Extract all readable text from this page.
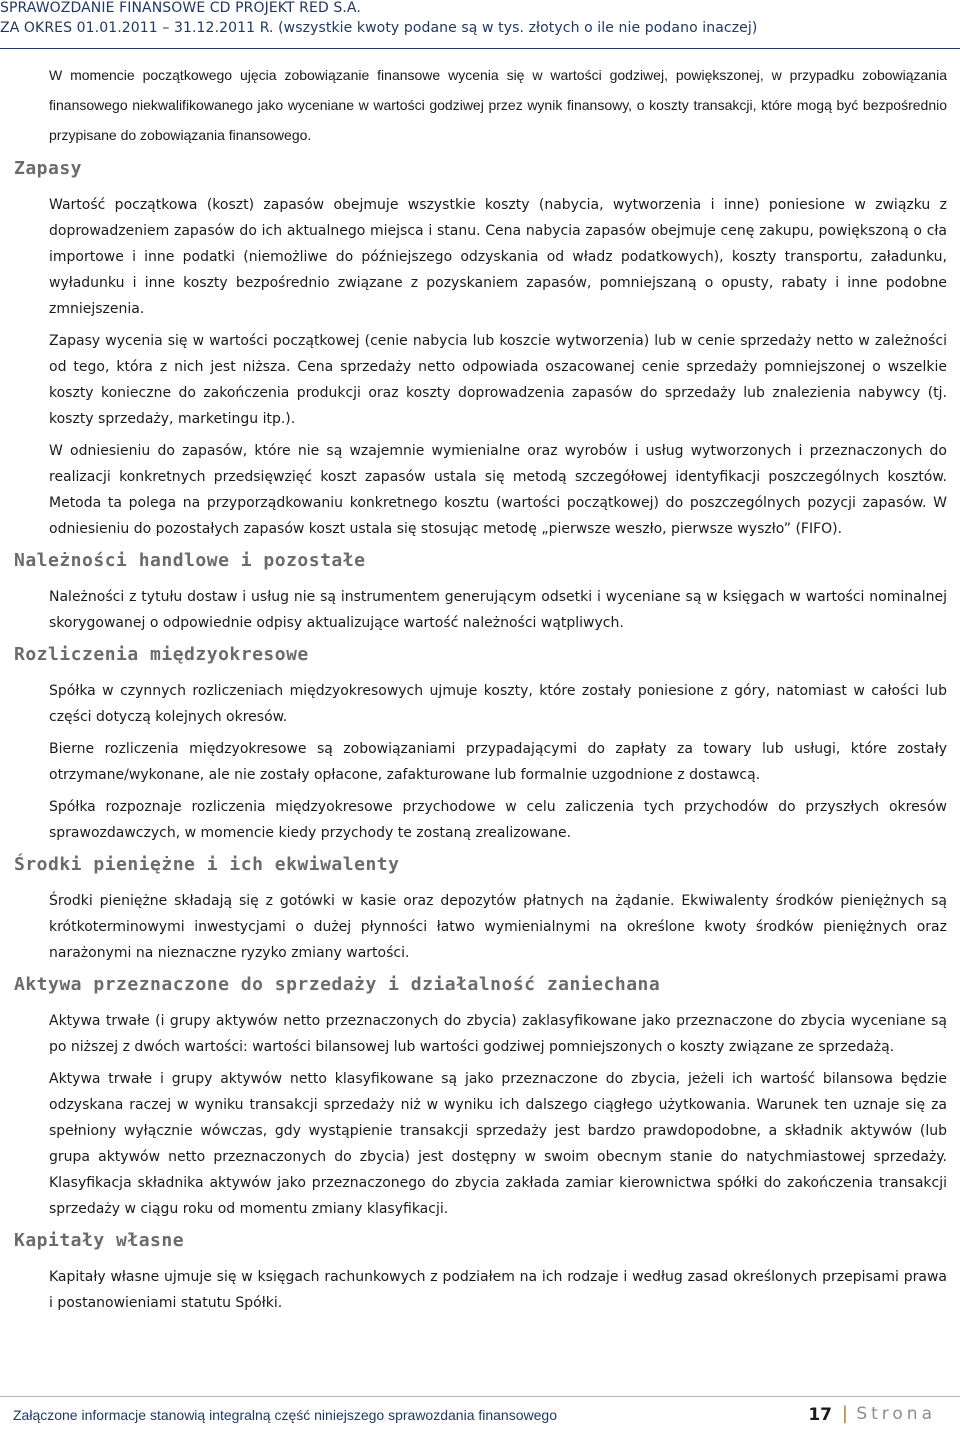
SPRAWOZDANIE FINANSOWE CD PROJEKT RED S.A.
ZA OKRES 01.01.2011 – 31.12.2011 R. (wszystkie kwoty podane są w tys. złotych o ile nie podano inaczej)

W momencie początkowego ujęcia zobowiązanie finansowe wycenia się w wartości godziwej, powiększonej, w przypadku zobowiązania finansowego niekwalifikowanego jako wyceniane w wartości godziwej przez wynik finansowy, o koszty transakcji, które mogą być bezpośrednio przypisane do zobowiązania finansowego.

Zapasy

Wartość początkowa (koszt) zapasów obejmuje wszystkie koszty (nabycia, wytworzenia i inne) poniesione w związku z doprowadzeniem zapasów do ich aktualnego miejsca i stanu. Cena nabycia zapasów obejmuje cenę zakupu, powiększoną o cła importowe i inne podatki (niemożliwe do późniejszego odzyskania od władz podatkowych), koszty transportu, załadunku, wyładunku i inne koszty bezpośrednio związane z pozyskaniem zapasów, pomniejszaną o opusty, rabaty i inne podobne zmniejszenia.

Zapasy wycenia się w wartości początkowej (cenie nabycia lub koszcie wytworzenia) lub w cenie sprzedaży netto w zależności od tego, która z nich jest niższa. Cena sprzedaży netto odpowiada oszacowanej cenie sprzedaży pomniejszonej o wszelkie koszty konieczne do zakończenia produkcji oraz koszty doprowadzenia zapasów do sprzedaży lub znalezienia nabywcy (tj. koszty sprzedaży, marketingu itp.).

W odniesieniu do zapasów, które nie są wzajemnie wymienialne oraz wyrobów i usług wytworzonych i przeznaczonych do realizacji konkretnych przedsięwzięć koszt zapasów ustala się metodą szczegółowej identyfikacji poszczególnych kosztów. Metoda ta polega na przyporządkowaniu konkretnego kosztu (wartości początkowej) do poszczególnych pozycji zapasów. W odniesieniu do pozostałych zapasów koszt ustala się stosując metodę „pierwsze weszło, pierwsze wyszło” (FIFO).

Należności handlowe i pozostałe

Należności z tytułu dostaw i usług nie są instrumentem generującym odsetki i wyceniane są w księgach w wartości nominalnej skorygowanej o odpowiednie odpisy aktualizujące wartość należności wątpliwych.

Rozliczenia międzyokresowe

Spółka w czynnych rozliczeniach międzyokresowych ujmuje koszty, które zostały poniesione z góry, natomiast w całości lub części dotyczą kolejnych okresów.

Bierne rozliczenia międzyokresowe są zobowiązaniami przypadającymi do zapłaty za towary lub usługi, które zostały otrzymane/wykonane, ale nie zostały opłacone, zafakturowane lub formalnie uzgodnione z dostawcą.

Spółka rozpoznaje rozliczenia międzyokresowe przychodowe w celu zaliczenia tych przychodów do przyszłych okresów sprawozdawczych, w momencie kiedy przychody te zostaną zrealizowane.

Środki pieniężne i ich ekwiwalenty

Środki pieniężne składają się z gotówki w kasie oraz depozytów płatnych na żądanie. Ekwiwalenty środków pieniężnych są krótkoterminowymi inwestycjami o dużej płynności łatwo wymienialnymi na określone kwoty środków pieniężnych oraz narażonymi na nieznaczne ryzyko zmiany wartości.

Aktywa przeznaczone do sprzedaży i działalność zaniechana

Aktywa trwałe (i grupy aktywów netto przeznaczonych do zbycia) zaklasyfikowane jako przeznaczone do zbycia wyceniane są po niższej z dwóch wartości: wartości bilansowej lub wartości godziwej pomniejszonych o koszty związane ze sprzedażą.

Aktywa trwałe i grupy aktywów netto klasyfikowane są jako przeznaczone do zbycia, jeżeli ich wartość bilansowa będzie odzyskana raczej w wyniku transakcji sprzedaży niż w wyniku ich dalszego ciągłego użytkowania. Warunek ten uznaje się za spełniony wyłącznie wówczas, gdy wystąpienie transakcji sprzedaży jest bardzo prawdopodobne, a składnik aktywów (lub grupa aktywów netto przeznaczonych do zbycia) jest dostępny w swoim obecnym stanie do natychmiastowej sprzedaży. Klasyfikacja składnika aktywów jako przeznaczonego do zbycia zakłada zamiar kierownictwa spółki do zakończenia transakcji sprzedaży w ciągu roku od momentu zmiany klasyfikacji.

Kapitały własne

Kapitały własne ujmuje się w księgach rachunkowych z podziałem na ich rodzaje i według zasad określonych przepisami prawa i postanowieniami statutu Spółki.

Załączone informacje stanowią integralną część niniejszego sprawozdania finansowego	17 | Strona
